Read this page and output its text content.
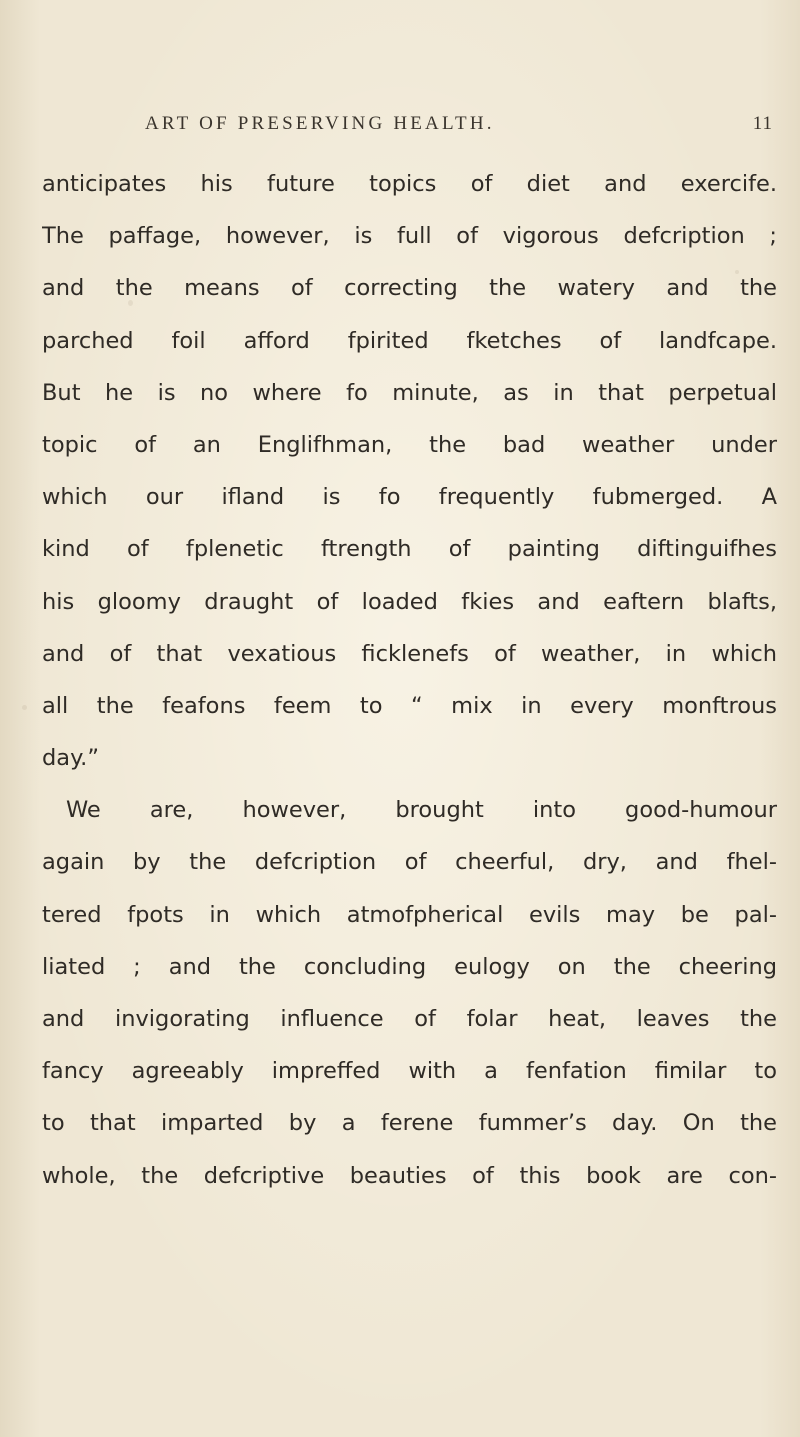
ART OF PRESERVING HEALTH.	11
anticipates his future topics of diet and exercife.
The paffage, however, is full of vigorous defcription ;
and the means of correcting the watery and the
parched foil afford fpirited fketches of landfcape.
But he is no where fo minute, as in that perpetual
topic of an Englifhman, the bad weather under
which our ifland is fo frequently fubmerged. A
kind of fplenetic ftrength of painting diftinguifhes
his gloomy draught of loaded fkies and eaftern blafts,
and of that vexatious ficklenefs of weather, in which
all the feafons feem to “ mix in every monftrous
day.”
We are, however, brought into good-humour
again by the defcription of cheerful, dry, and fhel-
tered fpots in which atmofpherical evils may be pal-
liated ; and the concluding eulogy on the cheering
and invigorating influence of folar heat, leaves the
fancy agreeably impreffed with a fenfation fimilar to
to that imparted by a ferene fummer’s day. On the
whole, the defcriptive beauties of this book are con-
